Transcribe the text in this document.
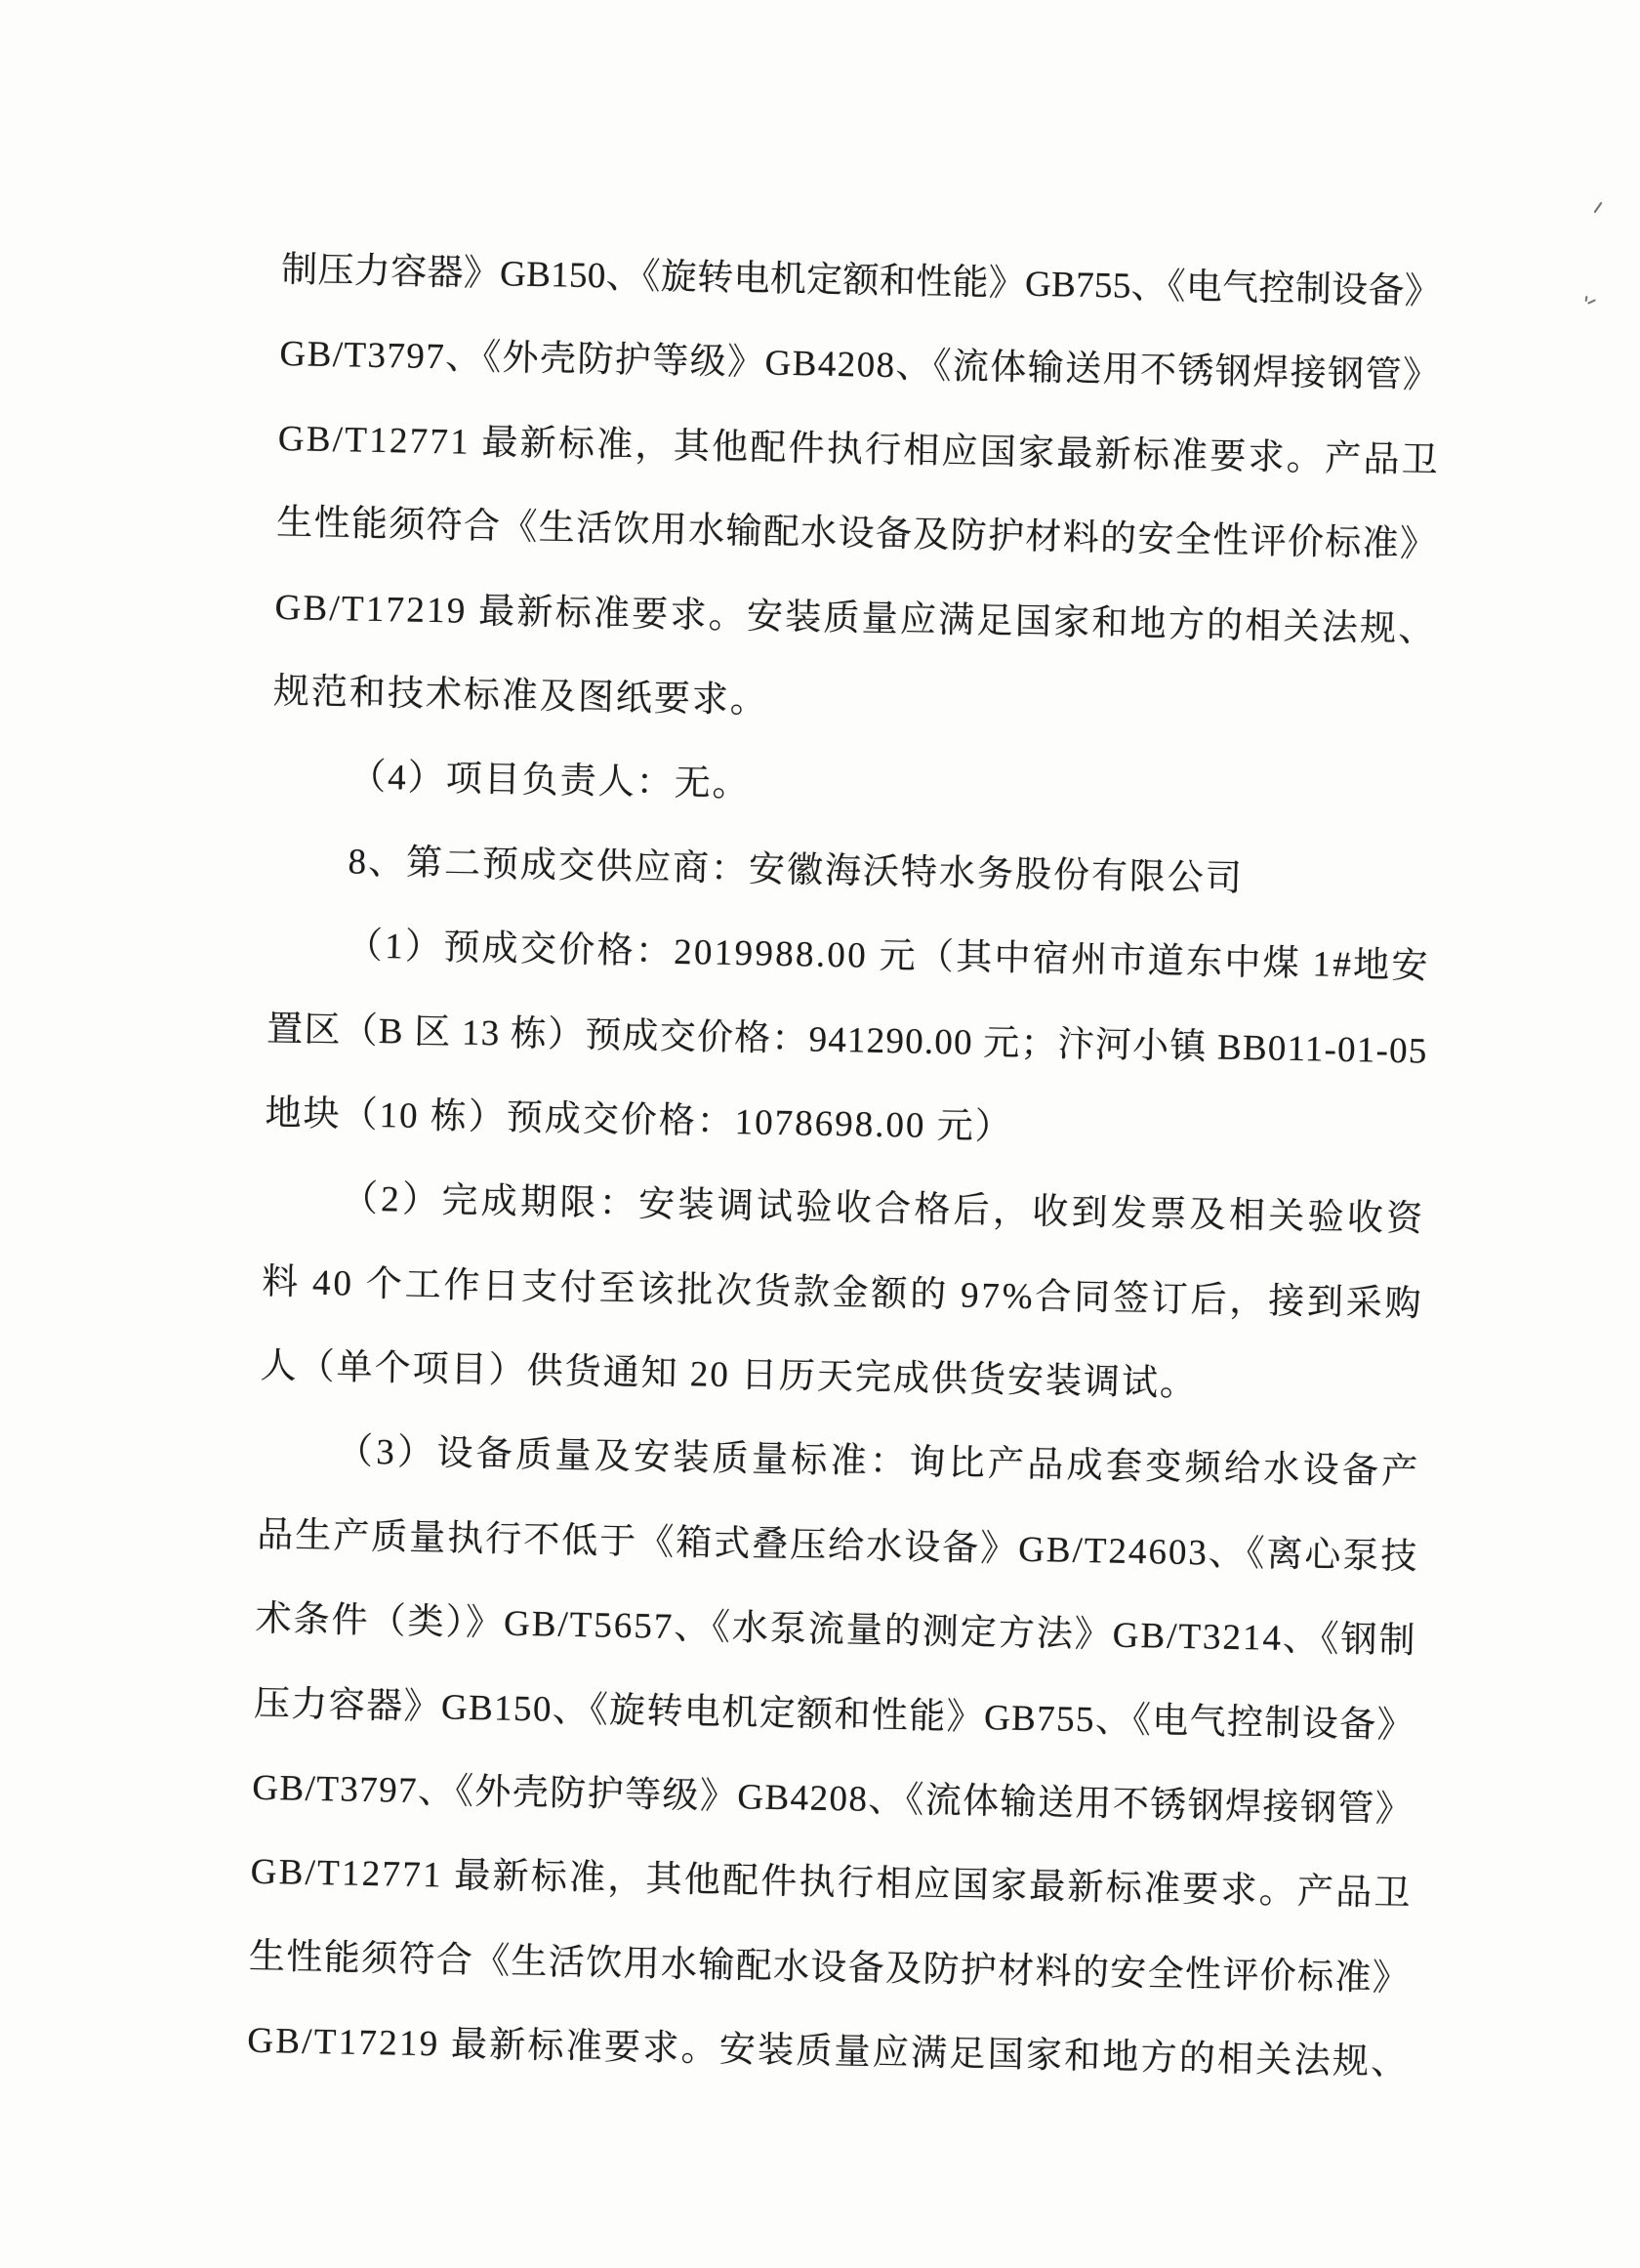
制压力容器》GB150、《旋转电机定额和性能》GB755、《电气控制设备》
GB/T3797、《外壳防护等级》GB4208、《流体输送用不锈钢焊接钢管》
GB/T12771 最新标准，其他配件执行相应国家最新标准要求。产品卫
生性能须符合《生活饮用水输配水设备及防护材料的安全性评价标准》
GB/T17219 最新标准要求。安装质量应满足国家和地方的相关法规、
规范和技术标准及图纸要求。
（4）项目负责人：无。
8、第二预成交供应商：安徽海沃特水务股份有限公司
（1）预成交价格：2019988.00 元（其中宿州市道东中煤 1#地安
置区（B 区 13 栋）预成交价格：941290.00 元；汴河小镇 BB011-01-05
地块（10 栋）预成交价格：1078698.00 元）
（2）完成期限：安装调试验收合格后，收到发票及相关验收资
料 40 个工作日支付至该批次货款金额的 97%合同签订后，接到采购
人（单个项目）供货通知 20 日历天完成供货安装调试。
（3）设备质量及安装质量标准：询比产品成套变频给水设备产
品生产质量执行不低于《箱式叠压给水设备》GB/T24603、《离心泵技
术条件（类）》GB/T5657、《水泵流量的测定方法》GB/T3214、《钢制
压力容器》GB150、《旋转电机定额和性能》GB755、《电气控制设备》
GB/T3797、《外壳防护等级》GB4208、《流体输送用不锈钢焊接钢管》
GB/T12771 最新标准，其他配件执行相应国家最新标准要求。产品卫
生性能须符合《生活饮用水输配水设备及防护材料的安全性评价标准》
GB/T17219 最新标准要求。安装质量应满足国家和地方的相关法规、
